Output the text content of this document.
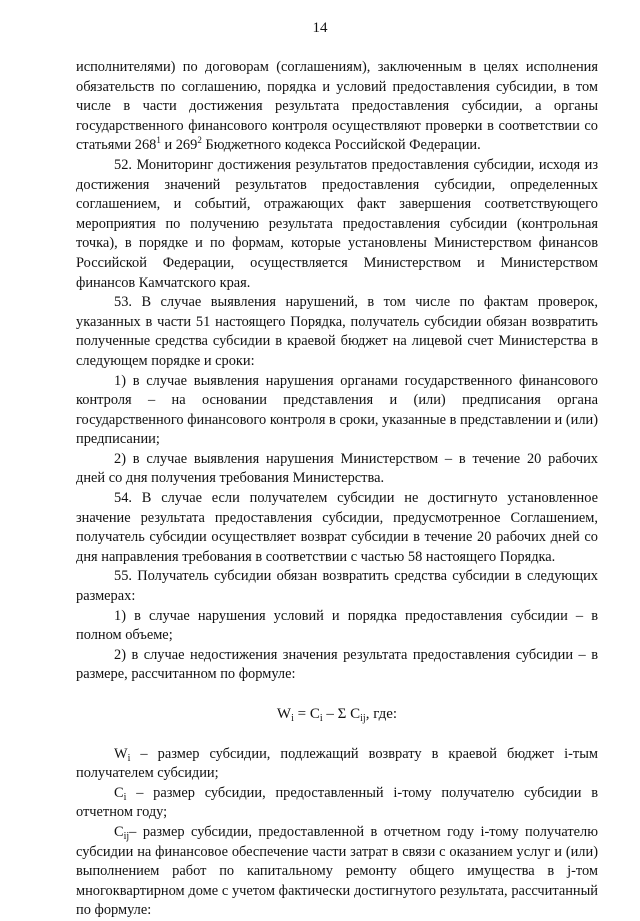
14

исполнителями) по договорам (соглашениям), заключенным в целях исполнения обязательств по соглашению, порядка и условий предоставления субсидии, в том числе в части достижения результата предоставления субсидии, а органы государственного финансового контроля осуществляют проверки в соответствии со статьями $268^1$ и $269^2$ Бюджетного кодекса Российской Федерации.

52. Мониторинг достижения результатов предоставления субсидии, исходя из достижения значений результатов предоставления субсидии, определенных соглашением, и событий, отражающих факт завершения соответствующего мероприятия по получению результата предоставления субсидии (контрольная точка), в порядке и по формам, которые установлены Министерством финансов Российской Федерации, осуществляется Министерством и Министерством финансов Камчатского края.

53. В случае выявления нарушений, в том числе по фактам проверок, указанных в части 51 настоящего Порядка, получатель субсидии обязан возвратить полученные средства субсидии в краевой бюджет на лицевой счет Министерства в следующем порядке и сроки:

1) в случае выявления нарушения органами государственного финансового контроля – на основании представления и (или) предписания органа государственного финансового контроля в сроки, указанные в представлении и (или) предписании;

2) в случае выявления нарушения Министерством – в течение 20 рабочих дней со дня получения требования Министерства.

54. В случае если получателем субсидии не достигнуто установленное значение результата предоставления субсидии, предусмотренное Соглашением, получатель субсидии осуществляет возврат субсидии в течение 20 рабочих дней со дня направления требования в соответствии с частью 58 настоящего Порядка.

55. Получатель субсидии обязан возвратить средства субсидии в следующих размерах:

1) в случае нарушения условий и порядка предоставления субсидии – в полном объеме;

2) в случае недостижения значения результата предоставления субсидии – в размере, рассчитанном по формуле:

$W_i = C_i - \Sigma$ $C_{ij}$, где:

$W_i$ – размер субсидии, подлежащий возврату в краевой бюджет i-тым получателем субсидии;

$C_i$ – размер субсидии, предоставленный i-тому получателю субсидии в отчетном году;

$C_{ij}-$ размер субсидии, предоставленной в отчетном году i-тому получателю субсидии на финансовое обеспечение части затрат в связи с оказанием услуг и (или) выполнением работ по капитальному ремонту общего имущества в j-том многоквартирном доме с учетом фактически достигнутого результата, рассчитанный по формуле:
